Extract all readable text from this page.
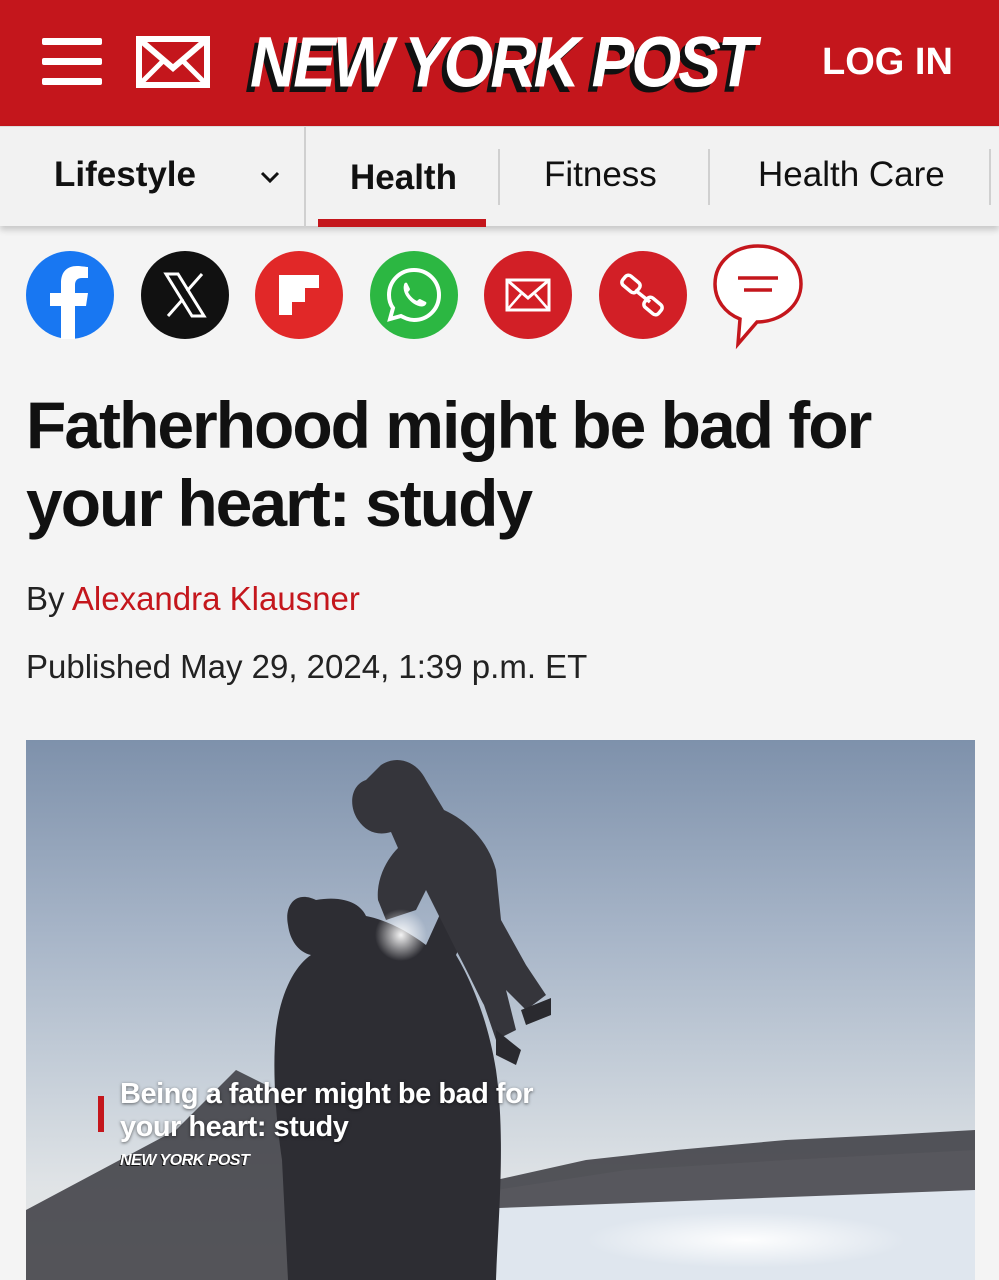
NEW YORK POST LOG IN
Lifestyle	Health Fitness	Health Care
Fatherhood might be bad for your heart: study
By Alexandra Klausner
Published May 29, 2024, 1:39 p.m. ET
Being a father might be bad for your heart: study
NEW YORK POST
